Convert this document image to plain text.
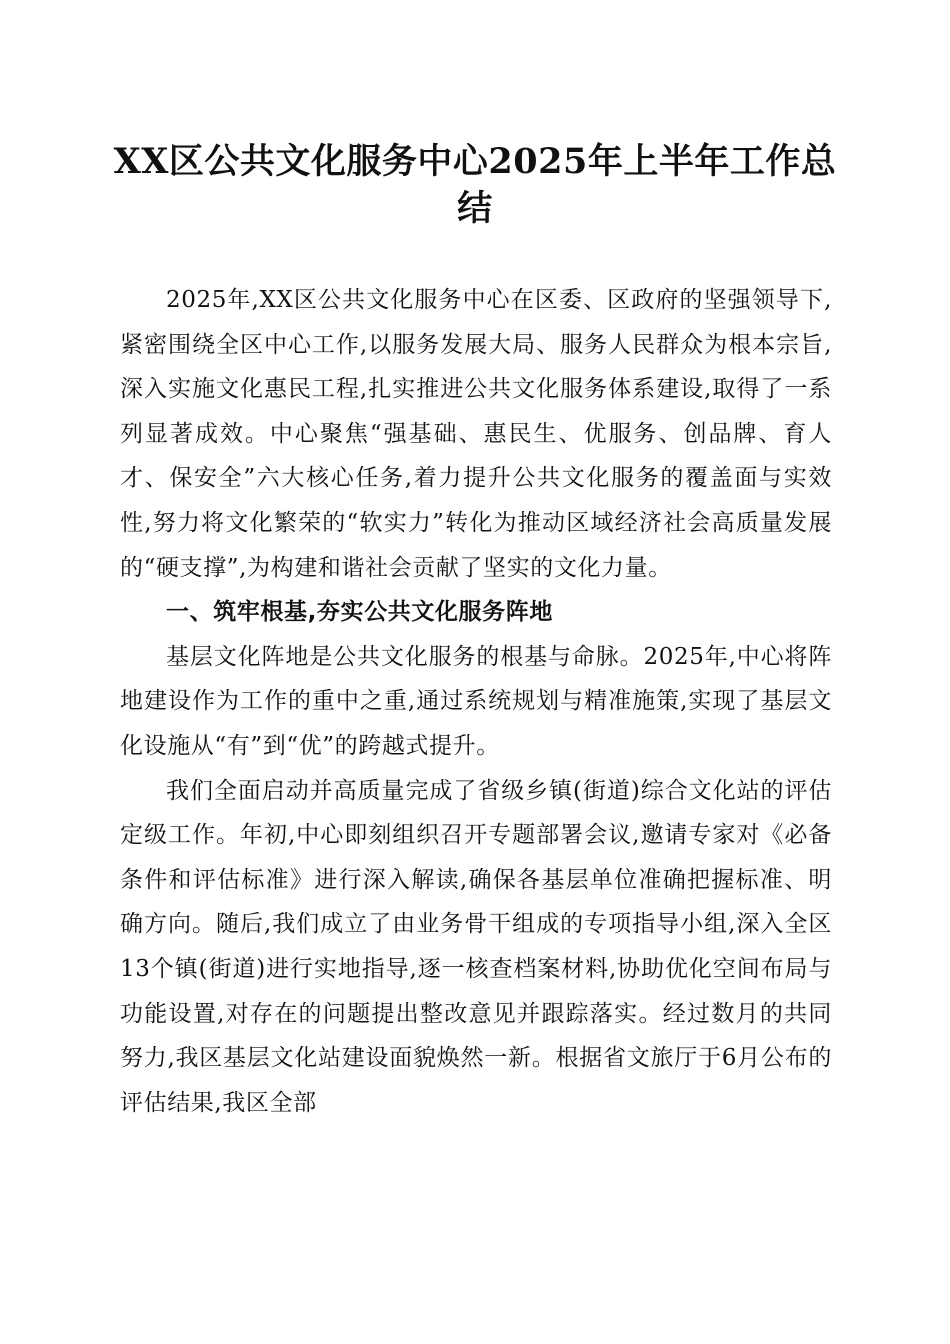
XX区公共文化服务中心2025年上半年工作总结

2025年,XX区公共文化服务中心在区委、区政府的坚强领导下,紧密围绕全区中心工作,以服务发展大局、服务人民群众为根本宗旨,深入实施文化惠民工程,扎实推进公共文化服务体系建设,取得了一系列显著成效。中心聚焦“强基础、惠民生、优服务、创品牌、育人才、保安全”六大核心任务,着力提升公共文化服务的覆盖面与实效性,努力将文化繁荣的“软实力”转化为推动区域经济社会高质量发展的“硬支撑”,为构建和谐社会贡献了坚实的文化力量。

一、筑牢根基,夯实公共文化服务阵地

基层文化阵地是公共文化服务的根基与命脉。2025年,中心将阵地建设作为工作的重中之重,通过系统规划与精准施策,实现了基层文化设施从“有”到“优”的跨越式提升。

我们全面启动并高质量完成了省级乡镇(街道)综合文化站的评估定级工作。年初,中心即刻组织召开专题部署会议,邀请专家对《必备条件和评估标准》进行深入解读,确保各基层单位准确把握标准、明确方向。随后,我们成立了由业务骨干组成的专项指导小组,深入全区13个镇(街道)进行实地指导,逐一核查档案材料,协助优化空间布局与功能设置,对存在的问题提出整改意见并跟踪落实。经过数月的共同努力,我区基层文化站建设面貌焕然一新。根据省文旅厅于6月公布的评估结果,我区全部
